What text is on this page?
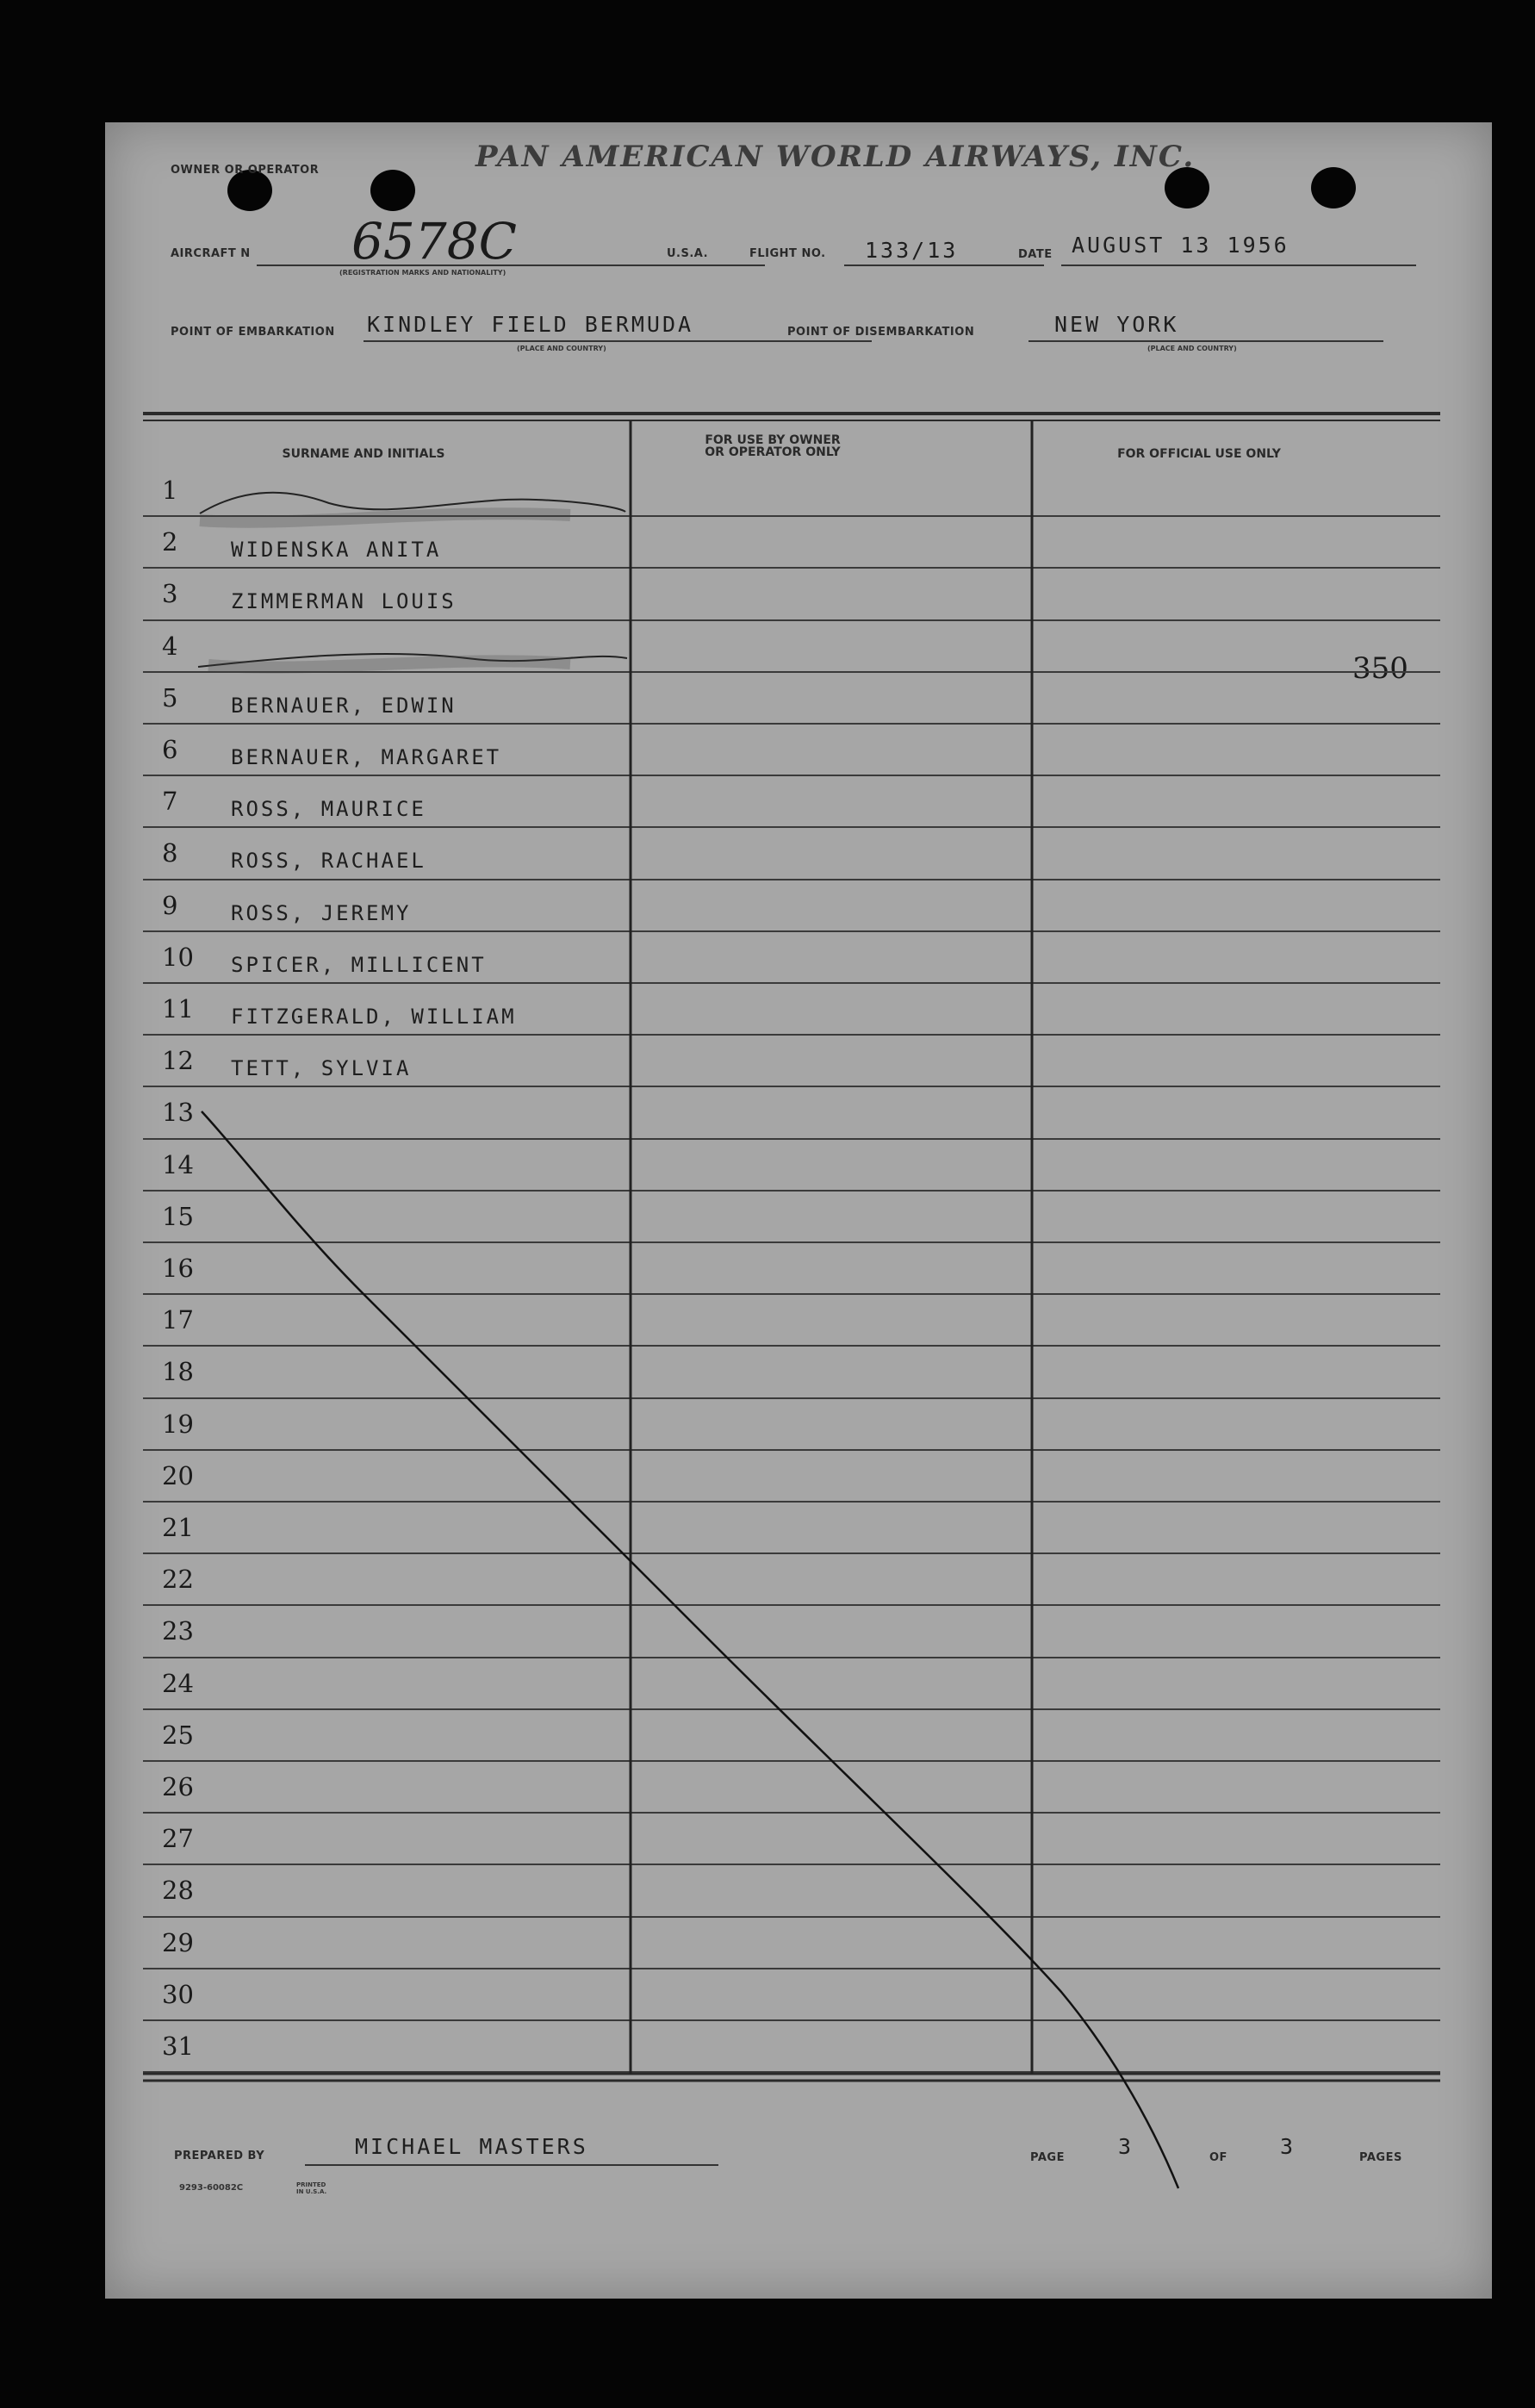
OWNER OR OPERATOR	PAN AMERICAN WORLD AIRWAYS, INC.
AIRCRAFT N 6578C
(REGISTRATION MARKS AND NATIONALITY)
U.S.A.	FLIGHT NO. 133/13	DATE AUGUST 13 1956
POINT OF EMBARKATION KINDLEY FIELD BERMUDA
(PLACE AND COUNTRY)
POINT OF DISEMBARKATION	NEW YORK
(PLACE AND COUNTRY)
SURNAME AND INITIALS
FOR USE BY OWNER
OR OPERATOR ONLY	FOR OFFICIAL USE ONLY
350
1
2	WIDENSKA ANITA
3	ZIMMERMAN LOUIS
4
5	BERNAUER, EDWIN
6	BERNAUER, MARGARET
7	ROSS, MAURICE
8	ROSS, RACHAEL
9	ROSS, JEREMY
10 SPICER, MILLICENT
11 FITZGERALD, WILLIAM
12 TETT, SYLVIA
13
14
15
16
17
18
19
20
21
22
23
24
25
26
27
28
29
30
31
PREPARED BY	MICHAEL MASTERS	PAGE 3	OF 3	PAGES
9293-60082C	PRINTED IN U.S.A.
